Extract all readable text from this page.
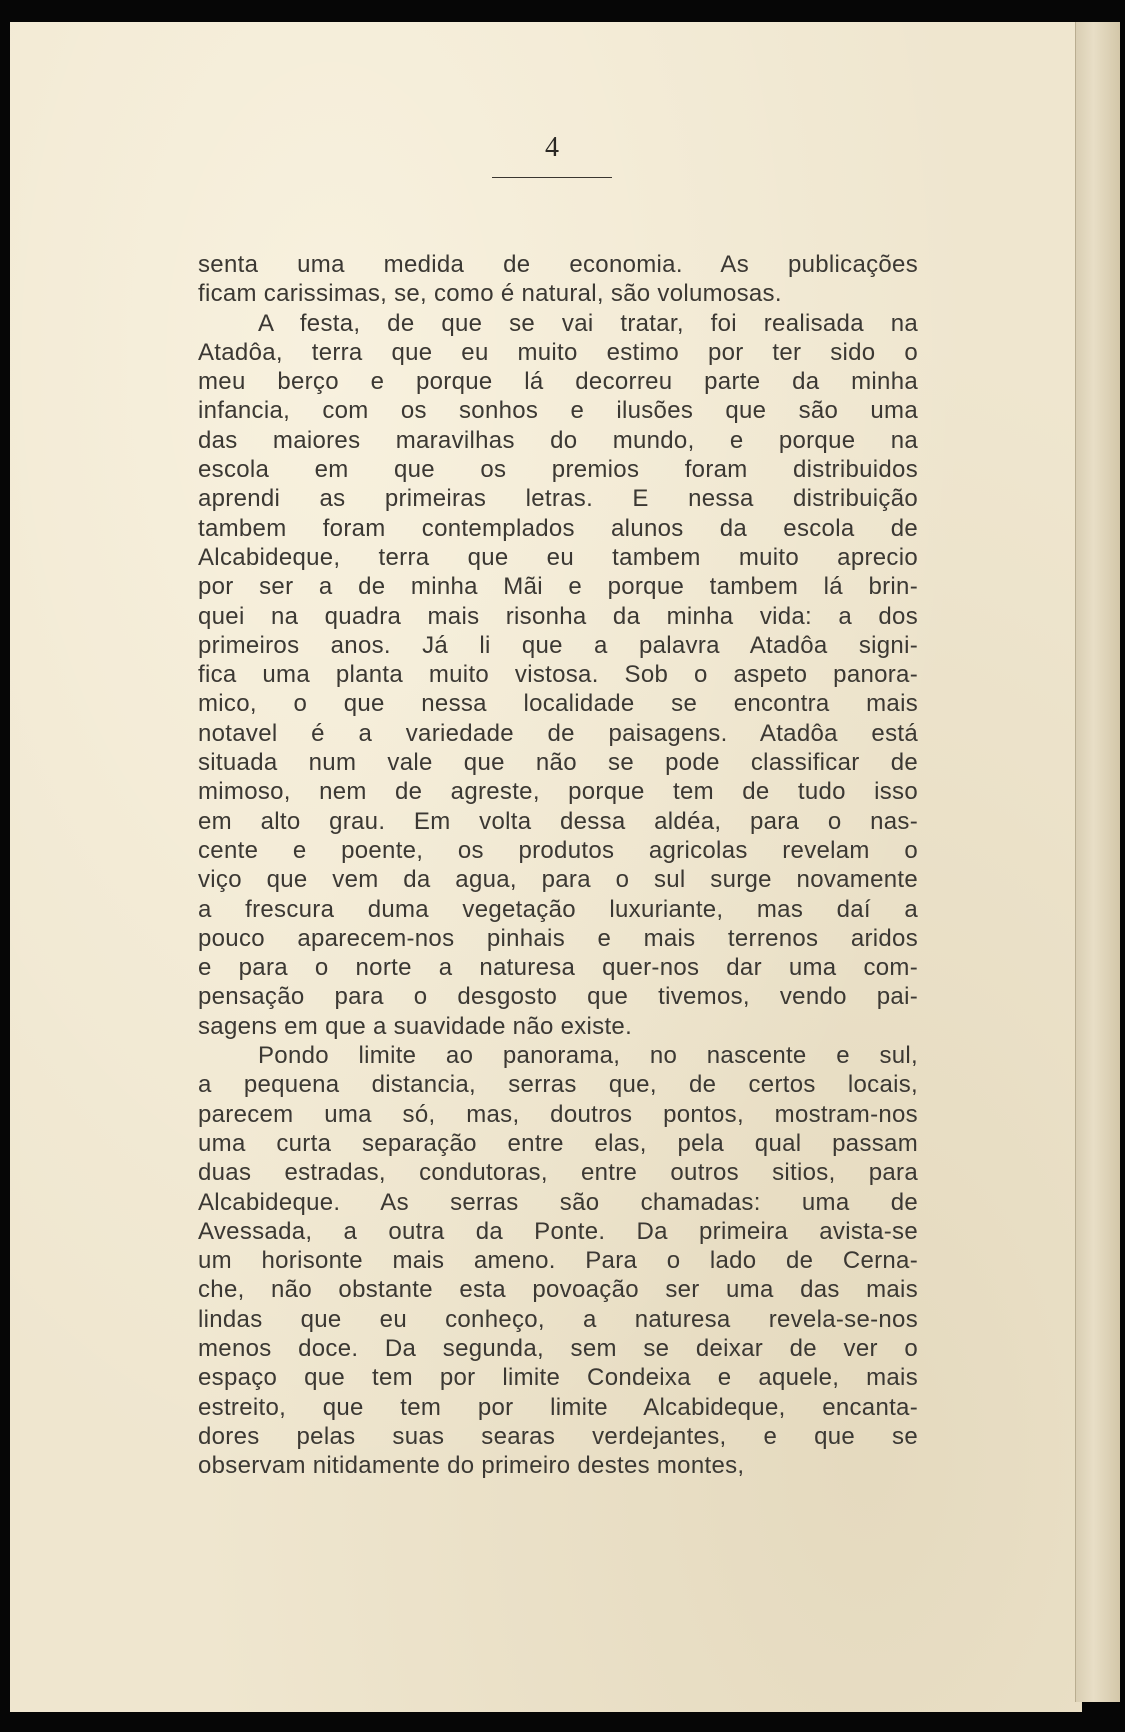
4
senta uma medida de economia. As publicações
ficam carissimas, se, como é natural, são volumosas.
A festa, de que se vai tratar, foi realisada na
Atadôa, terra que eu muito estimo por ter sido o
meu berço e porque lá decorreu parte da minha
infancia, com os sonhos e ilusões que são uma
das maiores maravilhas do mundo, e porque na
escola em que os premios foram distribuidos
aprendi as primeiras letras. E nessa distribuição
tambem foram contemplados alunos da escola de
Alcabideque, terra que eu tambem muito aprecio
por ser a de minha Mãi e porque tambem lá brin-
quei na quadra mais risonha da minha vida: a dos
primeiros anos. Já li que a palavra Atadôa signi-
fica uma planta muito vistosa. Sob o aspeto panora-
mico, o que nessa localidade se encontra mais
notavel é a variedade de paisagens. Atadôa está
situada num vale que não se pode classificar de
mimoso, nem de agreste, porque tem de tudo isso
em alto grau. Em volta dessa aldéa, para o nas-
cente e poente, os produtos agricolas revelam o
viço que vem da agua, para o sul surge novamente
a frescura duma vegetação luxuriante, mas daí a
pouco aparecem-nos pinhais e mais terrenos aridos
e para o norte a naturesa quer-nos dar uma com-
pensação para o desgosto que tivemos, vendo pai-
sagens em que a suavidade não existe.
Pondo limite ao panorama, no nascente e sul,
a pequena distancia, serras que, de certos locais,
parecem uma só, mas, doutros pontos, mostram-nos
uma curta separação entre elas, pela qual passam
duas estradas, condutoras, entre outros sitios, para
Alcabideque. As serras são chamadas: uma de
Avessada, a outra da Ponte. Da primeira avista-se
um horisonte mais ameno. Para o lado de Cerna-
che, não obstante esta povoação ser uma das mais
lindas que eu conheço, a naturesa revela-se-nos
menos doce. Da segunda, sem se deixar de ver o
espaço que tem por limite Condeixa e aquele, mais
estreito, que tem por limite Alcabideque, encanta-
dores pelas suas searas verdejantes, e que se
observam nitidamente do primeiro destes montes,
